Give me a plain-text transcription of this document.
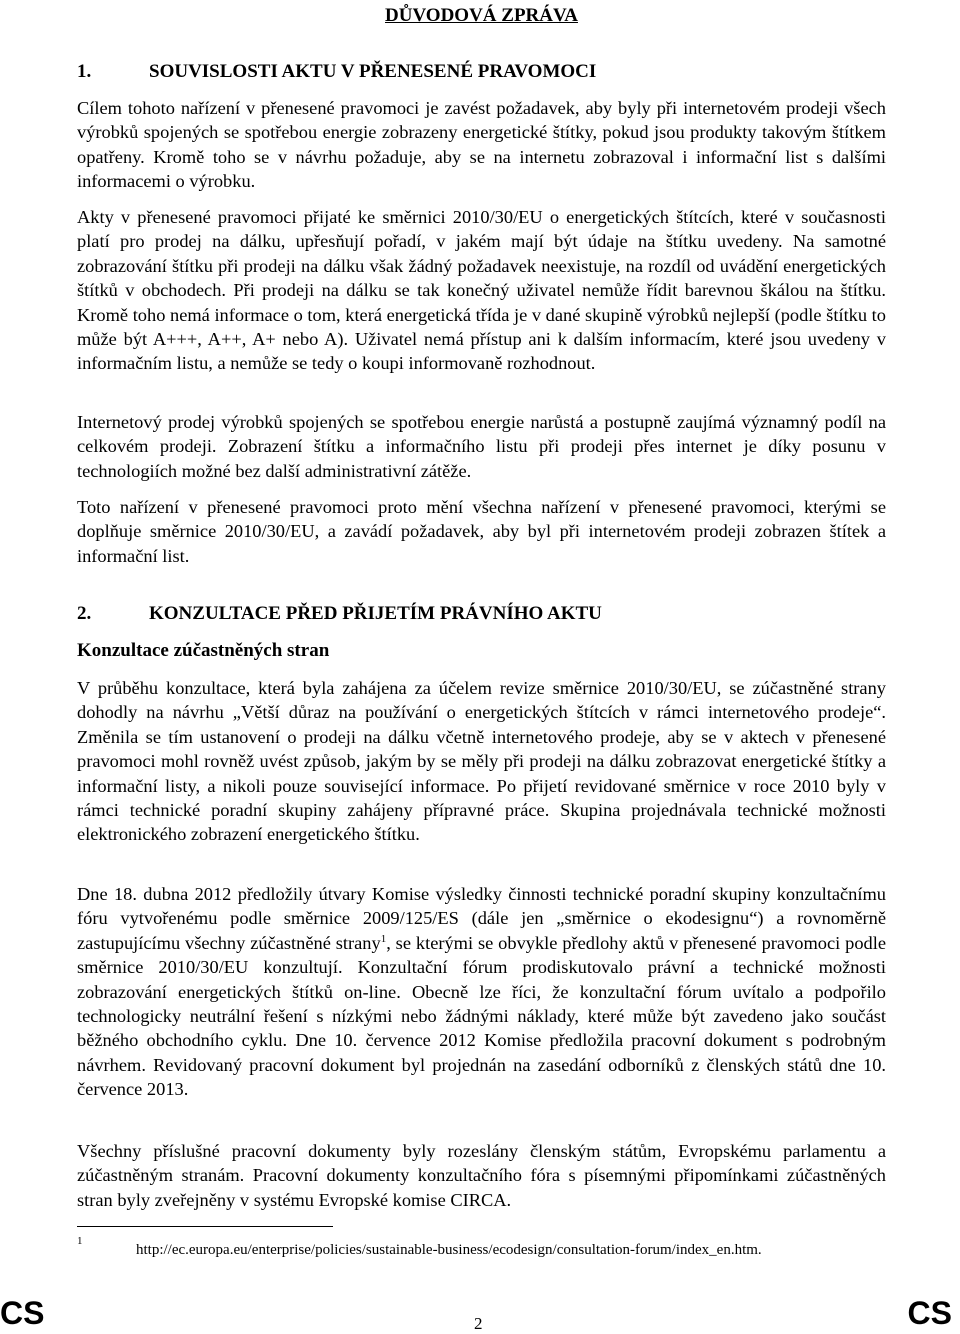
DŮVODOVÁ ZPRÁVA
1.	SOUVISLOSTI AKTU V PŘENESENÉ PRAVOMOCI

Cílem tohoto nařízení v přenesené pravomoci je zavést požadavek, aby byly při internetovém prodeji všech výrobků spojených se spotřebou energie zobrazeny energetické štítky, pokud jsou produkty takovým štítkem opatřeny. Kromě toho se v návrhu požaduje, aby se na internetu zobrazoval i informační list s dalšími informacemi o výrobku.

Akty v přenesené pravomoci přijaté ke směrnici 2010/30/EU o energetických štítcích, které v současnosti platí pro prodej na dálku, upřesňují pořadí, v jakém mají být údaje na štítku uvedeny. Na samotné zobrazování štítku při prodeji na dálku však žádný požadavek neexistuje, na rozdíl od uvádění energetických štítků v obchodech. Při prodeji na dálku se tak konečný uživatel nemůže řídit barevnou škálou na štítku. Kromě toho nemá informace o tom, která energetická třída je v dané skupině výrobků nejlepší (podle štítku to může být A+++, A++, A+ nebo A). Uživatel nemá přístup ani k dalším informacím, které jsou uvedeny v informačním listu, a nemůže se tedy o koupi informovaně rozhodnout.

Internetový prodej výrobků spojených se spotřebou energie narůstá a postupně zaujímá významný podíl na celkovém prodeji. Zobrazení štítku a informačního listu při prodeji přes internet je díky posunu v technologiích možné bez další administrativní zátěže.

Toto nařízení v přenesené pravomoci proto mění všechna nařízení v přenesené pravomoci, kterými se doplňuje směrnice 2010/30/EU, a zavádí požadavek, aby byl při internetovém prodeji zobrazen štítek a informační list.

2.	KONZULTACE PŘED PŘIJETÍM PRÁVNÍHO AKTU
Konzultace zúčastněných stran

V průběhu konzultace, která byla zahájena za účelem revize směrnice 2010/30/EU, se zúčastněné strany dohodly na návrhu „Větší důraz na používání o energetických štítcích v rámci internetového prodeje“. Změnila se tím ustanovení o prodeji na dálku včetně internetového prodeje, aby se v aktech v přenesené pravomoci mohl rovněž uvést způsob, jakým by se měly při prodeji na dálku zobrazovat energetické štítky a informační listy, a nikoli pouze související informace. Po přijetí revidované směrnice v roce 2010 byly v rámci technické poradní skupiny zahájeny přípravné práce. Skupina projednávala technické možnosti elektronického zobrazení energetického štítku.

Dne 18. dubna 2012 předložily útvary Komise výsledky činnosti technické poradní skupiny konzultačnímu fóru vytvořenému podle směrnice 2009/125/ES (dále jen „směrnice o ekodesignu“) a rovnoměrně zastupujícímu všechny zúčastněné strany$^1$, se kterými se obvykle předlohy aktů v přenesené pravomoci podle směrnice 2010/30/EU konzultují. Konzultační fórum prodiskutovalo právní a technické možnosti zobrazování energetických štítků on-line. Obecně lze říci, že konzultační fórum uvítalo a podpořilo technologicky neutrální řešení s nízkými nebo žádnými náklady, které může být zavedeno jako součást běžného obchodního cyklu. Dne 10. července 2012 Komise předložila pracovní dokument s podrobným návrhem. Revidovaný pracovní dokument byl projednán na zasedání odborníků z členských států dne 10. července 2013.

Všechny příslušné pracovní dokumenty byly rozeslány členským státům, Evropskému parlamentu a zúčastněným stranám. Pracovní dokumenty konzultačního fóra s písemnými připomínkami zúčastněných stran byly zveřejněny v systému Evropské komise CIRCA.

1
http://ec.europa.eu/enterprise/policies/sustainable-business/ecodesign/consultation-forum/index_en.htm.
CS	2	CS
